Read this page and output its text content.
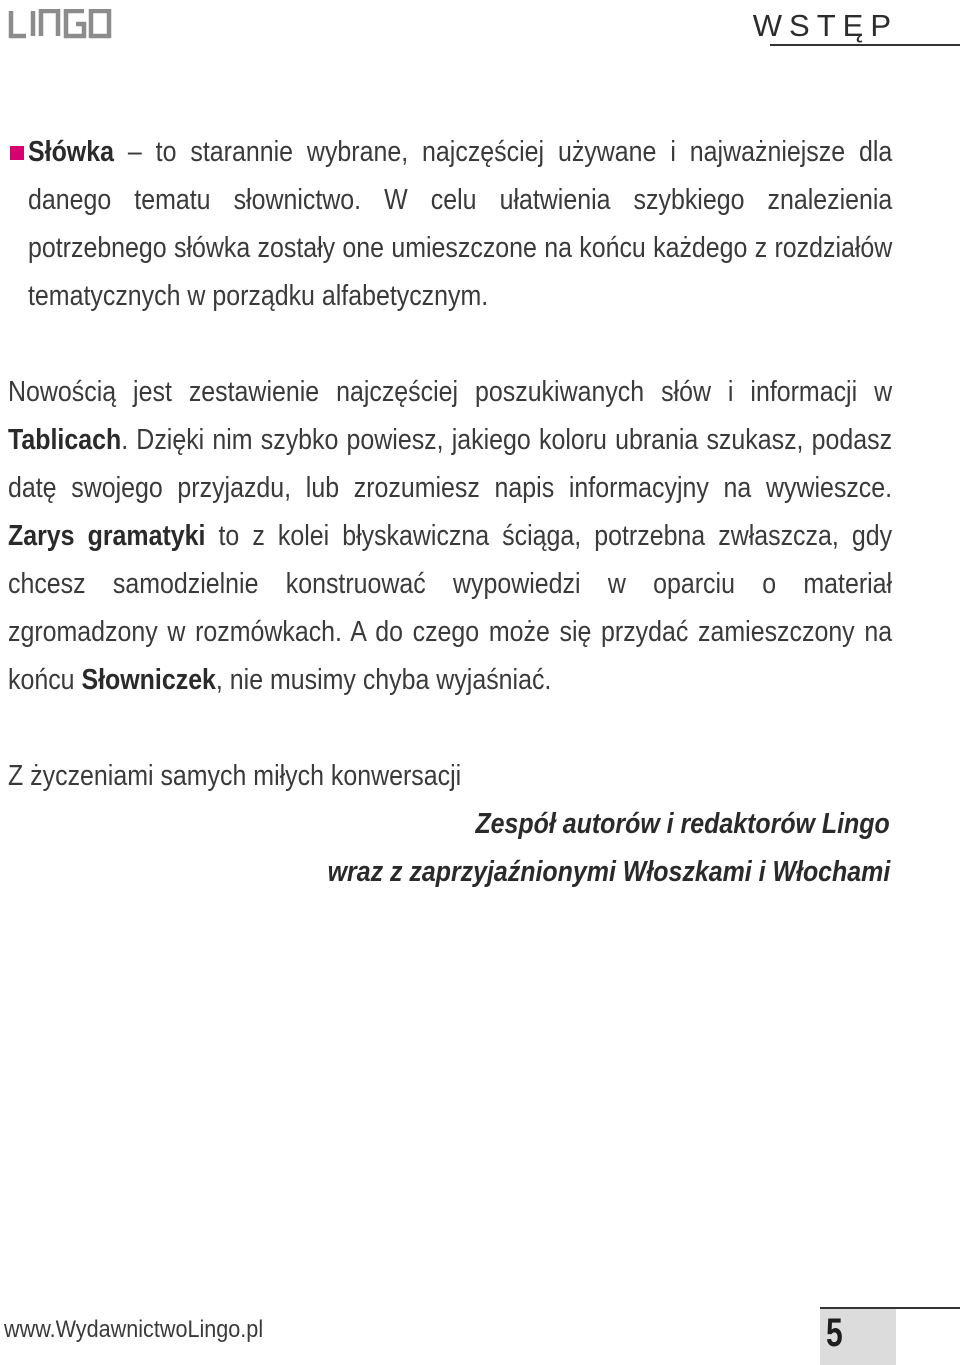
WSTĘP

Słówka – to starannie wybrane, najczęściej używane i najważniejsze dla danego tematu słownictwo. W celu ułatwienia szybkiego znalezienia potrzebnego słówka zostały one umieszczone na końcu każdego z rozdziałów tematycznych w porządku alfabetycznym.

Nowością jest zestawienie najczęściej poszukiwanych słów i informacji w Tablicach. Dzięki nim szybko powiesz, jakiego koloru ubrania szukasz, podasz datę swojego przyjazdu, lub zrozumiesz napis informacyjny na wywieszce. Zarys gramatyki to z kolei błyskawiczna ściąga, potrzebna zwłaszcza, gdy chcesz samodzielnie konstruować wypowiedzi w oparciu o materiał zgromadzony w rozmówkach. A do czego może się przydać zamieszczony na końcu Słowniczek, nie musimy chyba wyjaśniać.

Z życzeniami samych miłych konwersacji

Zespół autorów i redaktorów Lingo
wraz z zaprzyjaźnionymi Włoszkami i Włochami
www.WydawnictwoLingo.pl	5
